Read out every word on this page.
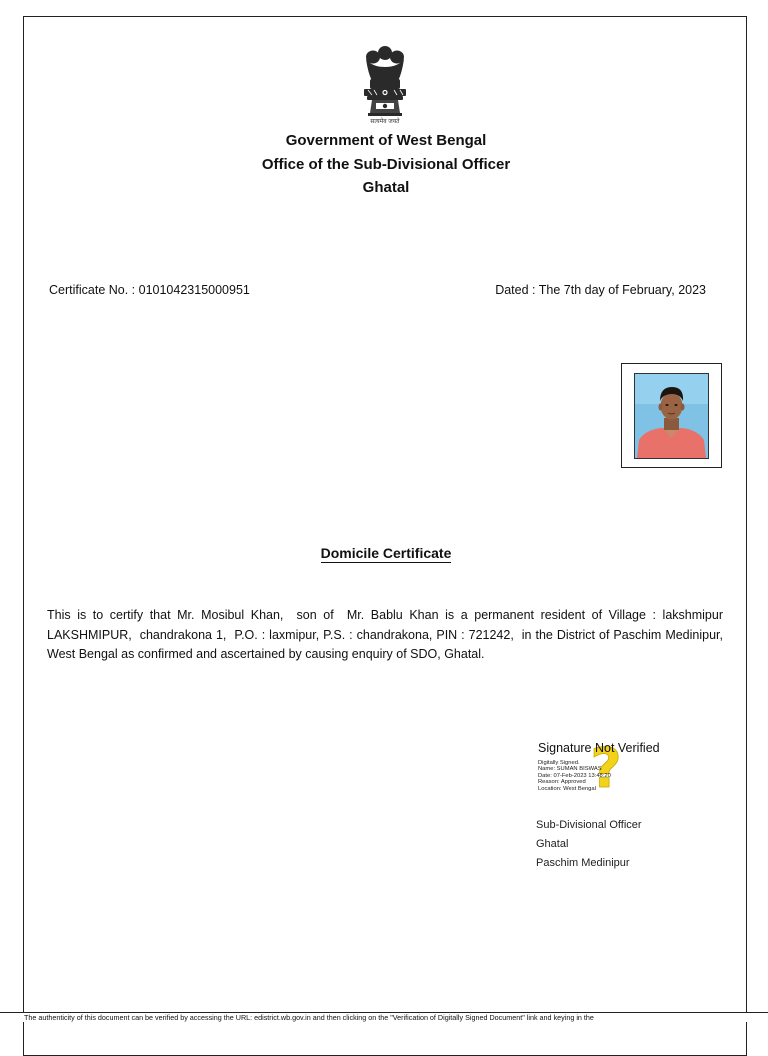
सत्यमेव जयते
Government of West Bengal
Office of the Sub-Divisional Officer
Ghatal
Certificate No. : 0101042315000951	Dated : The 7th day of February, 2023
Domicile Certificate
This is to certify that Mr. Mosibul Khan,  son of  Mr. Bablu Khan is a permanent resident of Village : lakshmipur LAKSHMIPUR,  chandrakona 1,  P.O. : laxmipur, P.S. : chandrakona, PIN : 721242,  in the District of Paschim Medinipur, West Bengal as confirmed and ascertained by causing enquiry of SDO, Ghatal.
?
Signature Not Verified
Digitally Signed.
Name: SUMAN BISWAS
Date: 07-Feb-2023 13:48:20
Reason: Approved
Location: West Bengal
Sub-Divisional Officer
Ghatal
Paschim Medinipur
The authenticity of this document can be verified by accessing the URL: edistrict.wb.gov.in and then clicking on the "Verification of Digitally Signed Document" link and keying in the
